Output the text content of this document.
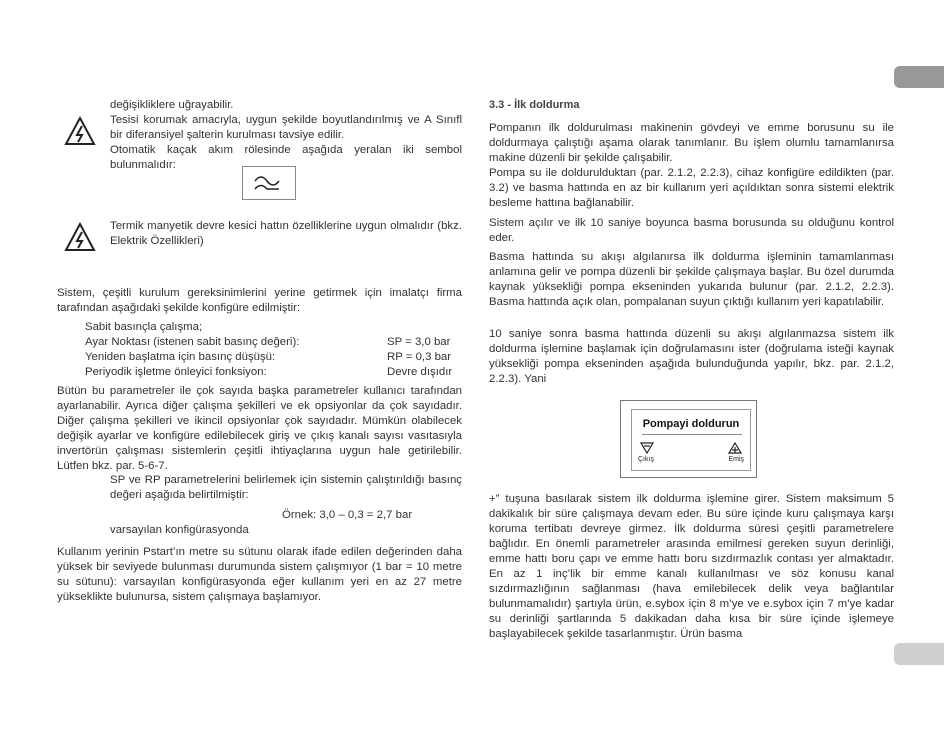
değişikliklere uğrayabilir.

Tesisi korumak amacıyla, uygun şekilde boyutlandırılmış ve A Sınıfl bir diferansiyel şalterin kurulması tavsiye edilir.

Otomatik kaçak akım rölesinde aşağıda yeralan iki sembol bulunmalıdır:

Termik manyetik devre kesici hattın özelliklerine uygun olmalıdır (bkz. Elektrik Özellikleri)

Sistem, çeşitli kurulum gereksinimlerini yerine getirmek için imalatçı firma tarafından aşağıdaki şekilde konfigüre edilmiştir:

Sabit basınçla çalışma;
Ayar Noktası (istenen sabit basınç değeri):	SP = 3,0 bar
Yeniden başlatma için basınç düşüşü:	RP = 0,3 bar
Periyodik işletme önleyici fonksiyon:	Devre dışıdır

Bütün bu parametreler ile çok sayıda başka parametreler kullanıcı tarafından ayarlanabilir. Ayrıca diğer çalışma şekilleri ve ek opsiyonlar da çok sayıdadır. Diğer çalışma şekilleri ve ikincil opsiyonlar çok sayıdadır. Mümkün olabilecek değişik ayarlar ve konfigüre edilebilecek giriş ve çıkış kanalı sayısı vasıtasıyla invertörün çalışması sistemlerin çeşitli ihtiyaçlarına uygun hale getirilebilir. Lütfen bkz. par. 5-6-7.

SP ve RP parametrelerini belirlemek için sistemin çalıştırıldığı basınç değeri aşağıda belirtilmiştir:

Örnek: 3,0 – 0,3 = 2,7 bar
varsayılan konfigürasyonda

Kullanım yerinin Pstart’ın metre su sütunu olarak ifade edilen değerinden daha yüksek bir seviyede bulunması durumunda sistem çalışmıyor (1 bar = 10 metre su sütunu): varsayılan konfigürasyonda eğer kullanım yeri en az 27 metre yükseklikte bulunursa, sistem çalışmaya başlamıyor.

3.3 - İlk doldurma

Pompanın ilk doldurulması makinenin gövdeyi ve emme borusunu su ile doldurmaya çalıştığı aşama olarak tanımlanır. Bu işlem olumlu tamamlanırsa makine düzenli bir şekilde çalışabilir.

Pompa su ile doldurulduktan (par. 2.1.2, 2.2.3), cihaz konfigüre edildikten (par. 3.2) ve basma hattında en az bir kullanım yeri açıldıktan sonra sistemi elektrik besleme hattına bağlanabilir.

Sistem açılır ve ilk 10 saniye boyunca basma borusunda su olduğunu kontrol eder.

Basma hattında su akışı algılanırsa ilk doldurma işleminin tamamlanması anlamına gelir ve pompa düzenli bir şekilde çalışmaya başlar. Bu özel durumda kaynak yüksekliği pompa ekseninden yukarıda bulunur (par. 2.1.2, 2.2.3). Basma hattında açık olan, pompalanan suyun çıktığı kullanım yeri kapatılabilir.

10 saniye sonra basma hattında düzenli su akışı algılanmazsa sistem ilk doldurma işlemine başlamak için doğrulamasını ister (doğrulama isteği kaynak yüksekliği pompa ekseninden aşağıda bulunduğunda yapılır, bkz. par. 2.1.2, 2.2.3). Yani

Pompayi doldurun
Çıkış	Emiş

+” tuşuna basılarak sistem ilk doldurma işlemine girer. Sistem maksimum 5 dakikalık bir süre çalışmaya devam eder. Bu süre içinde kuru çalışmaya karşı koruma tertibatı devreye girmez. İlk doldurma süresi çeşitli parametrelere bağlıdır. En önemli parametreler arasında emilmesi gereken suyun derinliği, emme hattı boru çapı ve emme hattı boru sızdırmazlık contası yer almaktadır. En az 1 inç’lik bir emme kanalı kullanılması ve söz konusu kanal sızdırmazlığının sağlanması (hava emilebilecek delik veya bağlantılar bulunmamalıdır) şartıyla ürün, e.sybox için 8 m’ye ve e.sybox için 7 m’ye kadar su derinliği şartlarında 5 dakikadan daha kısa bir süre içinde işlemeye başlayabilecek şekilde tasarlanmıştır. Ürün basma
